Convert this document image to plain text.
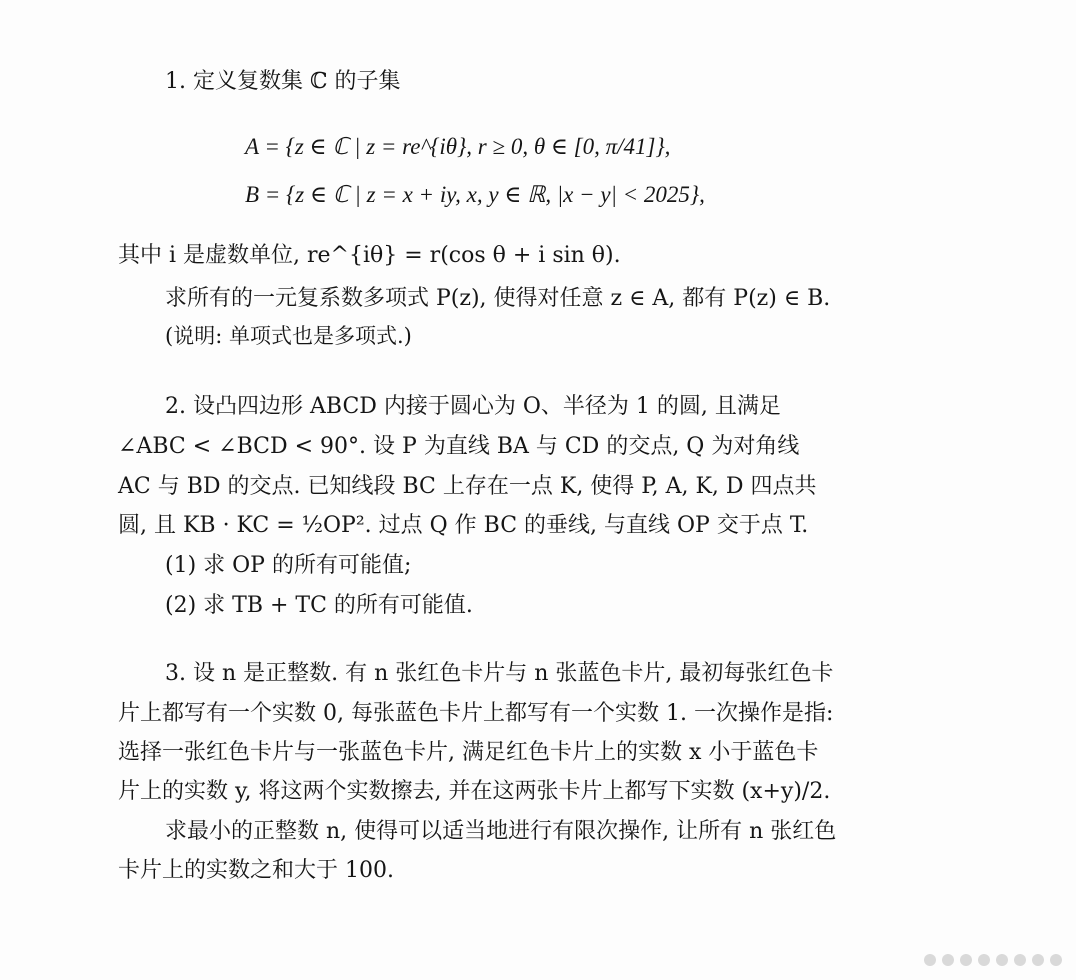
1. 定义复数集 ℂ 的子集
A = {z ∈ ℂ | z = re^{iθ}, r ≥ 0, θ ∈ [0, π/41]},
B = {z ∈ ℂ | z = x + iy, x, y ∈ ℝ, |x − y| < 2025},
其中 i 是虚数单位, re^{iθ} = r(cos θ + i sin θ).
求所有的一元复系数多项式 P(z), 使得对任意 z ∈ A, 都有 P(z) ∈ B.
(说明: 单项式也是多项式.)
2. 设凸四边形 ABCD 内接于圆心为 O、半径为 1 的圆, 且满足
∠ABC < ∠BCD < 90°. 设 P 为直线 BA 与 CD 的交点, Q 为对角线
AC 与 BD 的交点. 已知线段 BC 上存在一点 K, 使得 P, A, K, D 四点共
圆, 且 KB · KC = ½OP². 过点 Q 作 BC 的垂线, 与直线 OP 交于点 T.
(1) 求 OP 的所有可能值;
(2) 求 TB + TC 的所有可能值.
3. 设 n 是正整数. 有 n 张红色卡片与 n 张蓝色卡片, 最初每张红色卡
片上都写有一个实数 0, 每张蓝色卡片上都写有一个实数 1. 一次操作是指:
选择一张红色卡片与一张蓝色卡片, 满足红色卡片上的实数 x 小于蓝色卡
片上的实数 y, 将这两个实数擦去, 并在这两张卡片上都写下实数 (x+y)/2.
求最小的正整数 n, 使得可以适当地进行有限次操作, 让所有 n 张红色
卡片上的实数之和大于 100.
